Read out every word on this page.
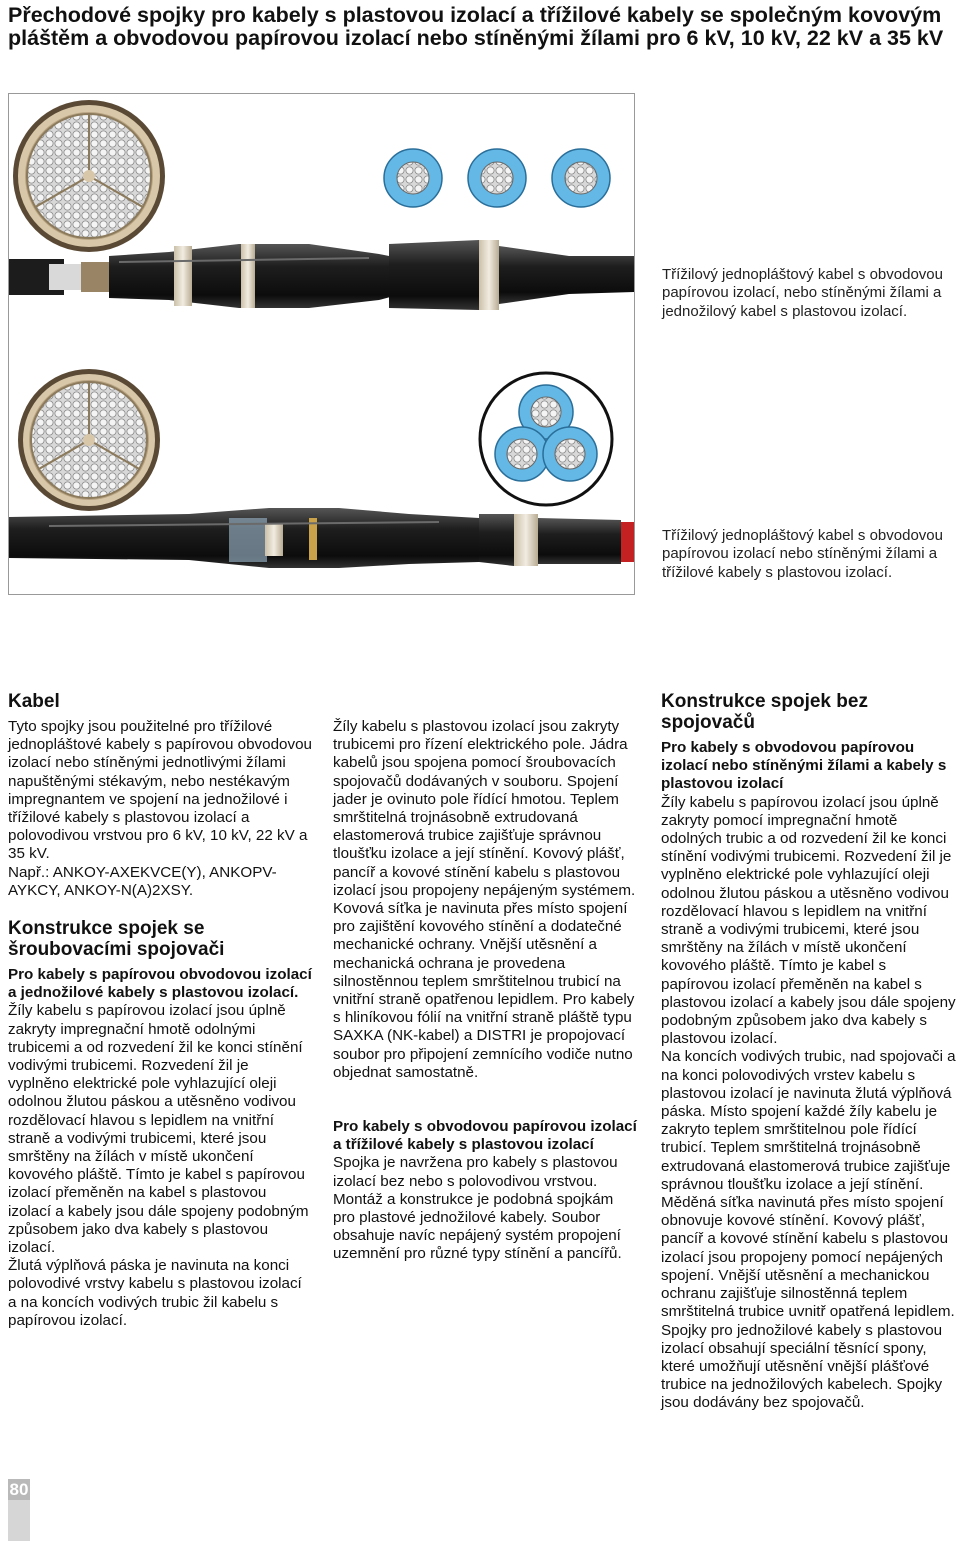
Přechodové spojky pro kabely s plastovou izolací a třížilové kabely se společným kovovým pláštěm a obvodovou papírovou izolací nebo stíněnými žílami pro 6 kV, 10 kV, 22 kV a 35 kV

Třížilový jednopláštový kabel s obvodovou papírovou izolací, nebo stíněnými žílami a jednožilový kabel s plastovou izolací.

Třížilový jednopláštový kabel s obvodovou papírovou izolací nebo stíněnými žílami a třížilové kabely s plastovou izolací.

Kabel

Tyto spojky jsou použitelné pro třížilové jednopláštové kabely s papírovou obvodovou izolací nebo stíněnými jednotlivými žílami napuštěnými stékavým, nebo nestékavým impregnantem ve spojení na jednožilové i třížilové kabely s plastovou izolací a polovodivou vrstvou pro 6 kV, 10 kV, 22 kV a 35 kV.

Např.: ANKOY-AXEKVCE(Y), ANKOPV-AYKCY, ANKOY-N(A)2XSY.

Konstrukce spojek se šroubovacími spojovači

Pro kabely s papírovou obvodovou izolací a jednožilové kabely s plastovou izolací.

Žíly kabelu s papírovou izolací jsou úplně zakryty impregnační hmotě odolnými trubicemi a od rozvedení žil ke konci stínění vodivými trubicemi. Rozvedení žil je vyplněno elektrické pole vyhlazující oleji odolnou žlutou páskou a utěsněno vodivou rozdělovací hlavou s lepidlem na vnitřní straně a vodivými trubicemi, které jsou smrštěny na žílách v místě ukončení kovového pláště. Tímto je kabel s papírovou izolací přeměněn na kabel s plastovou izolací a kabely jsou dále spojeny podobným způsobem jako dva kabely s plastovou izolací.

Žlutá výplňová páska je navinuta na konci polovodivé vrstvy kabelu s plastovou izolací a na koncích vodivých trubic žil kabelu s papírovou izolací.

Žíly kabelu s plastovou izolací jsou zakryty trubicemi pro řízení elektrického pole. Jádra kabelů jsou spojena pomocí šroubovacích spojovačů dodávaných v souboru. Spojení jader je ovinuto pole řídící hmotou. Teplem smrštitelná trojnásobně extrudovaná elastomerová trubice zajišťuje správnou tloušťku izolace a její stínění. Kovový plášť, pancíř a kovové stínění kabelu s plastovou izolací jsou propojeny nepájeným systémem. Kovová síťka je navinuta přes místo spojení pro zajištění kovového stínění a dodatečné mechanické ochrany. Vnější utěsnění a mechanická ochrana je provedena silnostěnnou teplem smrštitelnou trubicí na vnitřní straně opatřenou lepidlem. Pro kabely s hliníkovou fólií na vnitřní straně pláště typu SAXKA (NK-kabel) a DISTRI je propojovací soubor pro připojení zemnícího vodiče nutno objednat samostatně.

Pro kabely s obvodovou papírovou izolací a třížilové kabely s plastovou izolací

Spojka je navržena pro kabely s plastovou izolací bez nebo s polovodivou vrstvou. Montáž a konstrukce je podobná spojkám pro plastové jednožilové kabely. Soubor obsahuje navíc nepájený systém propojení uzemnění pro různé typy stínění a pancířů.

Konstrukce spojek bez spojovačů

Pro kabely s obvodovou papírovou izolací nebo stíněnými žílami a kabely s plastovou izolací

Žíly kabelu s papírovou izolací jsou úplně zakryty pomocí impregnační hmotě odolných trubic a od rozvedení žil ke konci stínění vodivými trubicemi. Rozvedení žil je vyplněno elektrické pole vyhlazující oleji odolnou žlutou páskou a utěsněno vodivou rozdělovací hlavou s lepidlem na vnitřní straně a vodivými trubicemi, které jsou smrštěny na žílách v místě ukončení kovového pláště. Tímto je kabel s papírovou izolací přeměněn na kabel s plastovou izolací a kabely jsou dále spojeny podobným způsobem jako dva kabely s plastovou izolací.

Na koncích vodivých trubic, nad spojovači a na konci polovodivých vrstev kabelu s plastovou izolací je navinuta žlutá výplňová páska. Místo spojení každé žíly kabelu je zakryto teplem smrštitelnou pole řídící trubicí. Teplem smrštitelná trojnásobně extrudovaná elastomerová trubice zajišťuje správnou tloušťku izolace a její stínění. Měděná síťka navinutá přes místo spojení obnovuje kovové stínění. Kovový plášť, pancíř a kovové stínění kabelu s plastovou izolací jsou propojeny pomocí nepájených spojení. Vnější utěsnění a mechanickou ochranu zajišťuje silnostěnná teplem smrštitelná trubice uvnitř opatřená lepidlem. Spojky pro jednožilové kabely s plastovou izolací obsahují speciální těsnící spony, které umožňují utěsnění vnější plášťové trubice na jednožilových kabelech. Spojky jsou dodávány bez spojovačů.

80
